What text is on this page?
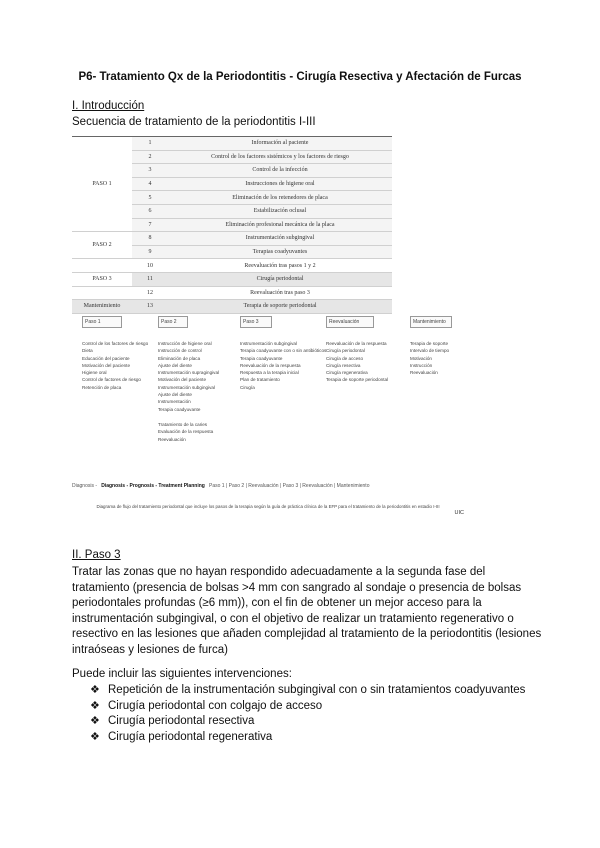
P6- Tratamiento Qx de la Periodontitis - Cirugía Resectiva y Afectación de Furcas
I. Introducción
Secuencia de tratamiento de la periodontitis I-III
PASO 1	1	Información al paciente
	2	Control de los factores sistémicos y los factores de riesgo
	3	Control de la infección
	4	Instrucciones de higiene oral
	5	Eliminación de los retenedores de placa
	6	Estabilización oclusal
	7	Eliminación profesional mecánica de la placa
PASO 2	8	Instrumentación subgingival
	9	Terapias coadyuvantes
	10	Reevaluación tras pasos 1 y 2
PASO 3	11	Cirugía periodontal
	12	Reevaluación tras paso 3
Mantenimiento	13	Terapia de soporte periodontal
Paso 1	Paso 2	Paso 3	Reevaluación	Mantenimiento
Control de los factores de riesgo
Dieta
Educación del paciente
Motivación del paciente
Higiene oral
Control de factores de riesgo
Retención de placa
Instrucción de higiene oral
Instrucción de control
Eliminación de placa
Ajuste del diente
Instrumentación supragingival
Motivación del paciente
Instrumentación subgingival
Ajuste del diente
Instrumentación
Terapia coadyuvante
Tratamiento de la caries
Evaluación de la respuesta
Reevaluación
Instrumentación subgingival
Terapia coadyuvante con o sin antibióticos
Terapia coadyuvante
Reevaluación de la respuesta
Respuesta a la terapia inicial
Plan de tratamiento
Cirugía
Reevaluación de la respuesta
Cirugía periodontal
Cirugía de acceso
Cirugía resectiva
Cirugía regenerativa
Terapia de soporte periodontal
Terapia de soporte
Intervalo de tiempo
Motivación
Instrucción
Reevaluación
Diagnosis - Diagnosis - Prognosis - Treatment Planning Paso 1 | Paso 2 | Reevaluación | Paso 3 | Reevaluación | Mantenimiento
Diagrama de flujo del tratamiento periodontal que incluye los pasos de la terapia según la guía de práctica clínica de la EFP para el tratamiento de la periodontitis en estadio I-III
UIC
II. Paso 3
Tratar las zonas que no hayan respondido adecuadamente a la segunda fase del
tratamiento (presencia de bolsas >4 mm con sangrado al sondaje o presencia de bolsas
periodontales profundas (≥6 mm)), con el fin de obtener un mejor acceso para la
instrumentación subgingival, o con el objetivo de realizar un tratamiento regenerativo o
resectivo en las lesiones que añaden complejidad al tratamiento de la periodontitis (lesiones
intraóseas y lesiones de furca)
Puede incluir las siguientes intervenciones:
❖ Repetición de la instrumentación subgingival con o sin tratamientos coadyuvantes
❖ Cirugía periodontal con colgajo de acceso
❖ Cirugía periodontal resectiva
❖ Cirugía periodontal regenerativa
